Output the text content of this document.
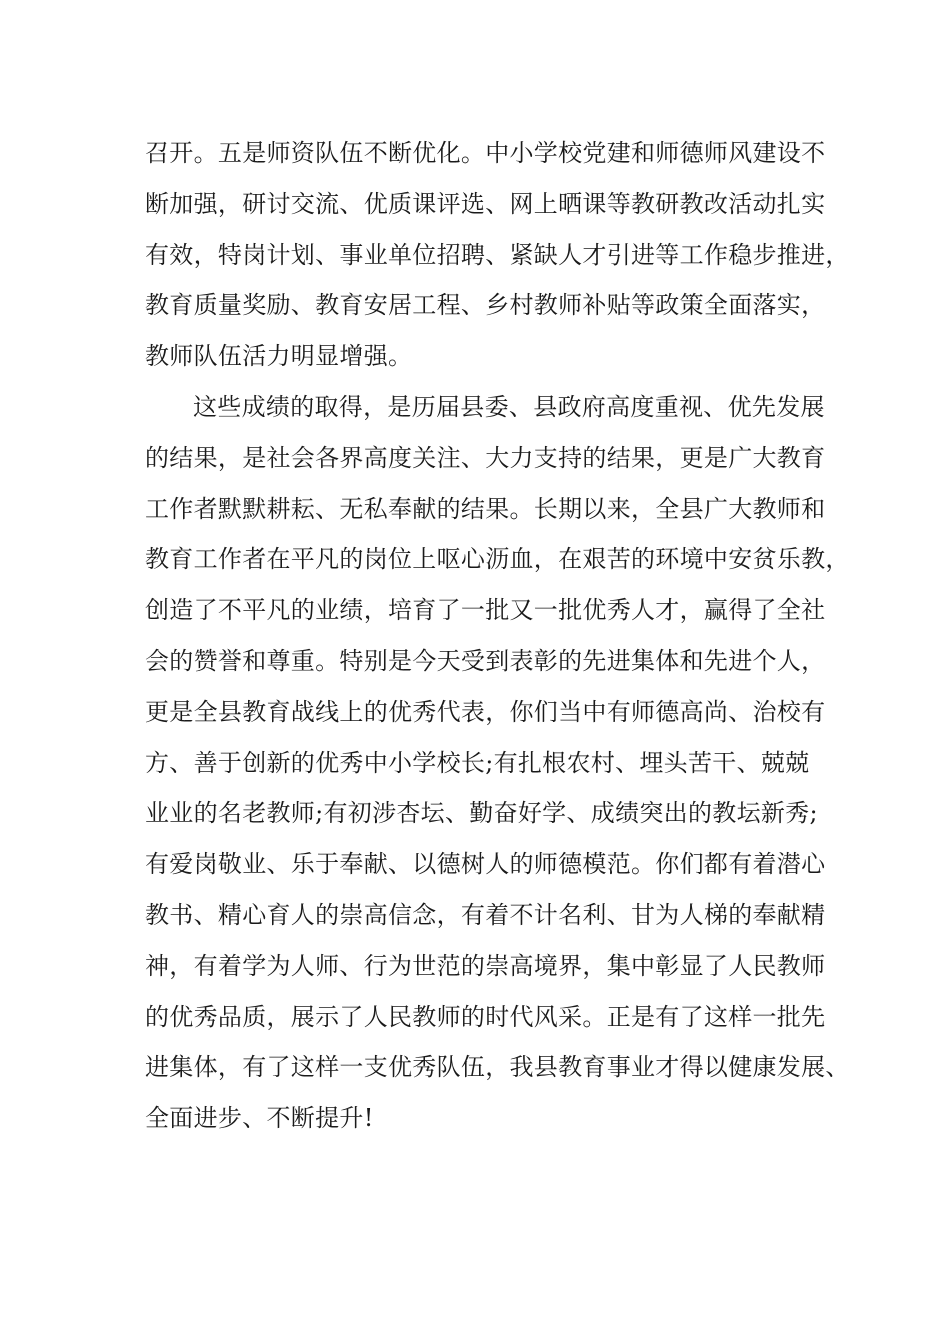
召开。五是师资队伍不断优化。中小学校党建和师德师风建设不
断加强，研讨交流、优质课评选、网上晒课等教研教改活动扎实
有效，特岗计划、事业单位招聘、紧缺人才引进等工作稳步推进，
教育质量奖励、教育安居工程、乡村教师补贴等政策全面落实，
教师队伍活力明显增强。
这些成绩的取得，是历届县委、县政府高度重视、优先发展
的结果，是社会各界高度关注、大力支持的结果，更是广大教育
工作者默默耕耘、无私奉献的结果。长期以来，全县广大教师和
教育工作者在平凡的岗位上呕心沥血，在艰苦的环境中安贫乐教，
创造了不平凡的业绩，培育了一批又一批优秀人才，赢得了全社
会的赞誉和尊重。特别是今天受到表彰的先进集体和先进个人，
更是全县教育战线上的优秀代表，你们当中有师德高尚、治校有
方、善于创新的优秀中小学校长;有扎根农村、埋头苦干、兢兢
业业的名老教师;有初涉杏坛、勤奋好学、成绩突出的教坛新秀;
有爱岗敬业、乐于奉献、以德树人的师德模范。你们都有着潜心
教书、精心育人的崇高信念，有着不计名利、甘为人梯的奉献精
神，有着学为人师、行为世范的崇高境界，集中彰显了人民教师
的优秀品质，展示了人民教师的时代风采。正是有了这样一批先
进集体，有了这样一支优秀队伍，我县教育事业才得以健康发展、
全面进步、不断提升!
